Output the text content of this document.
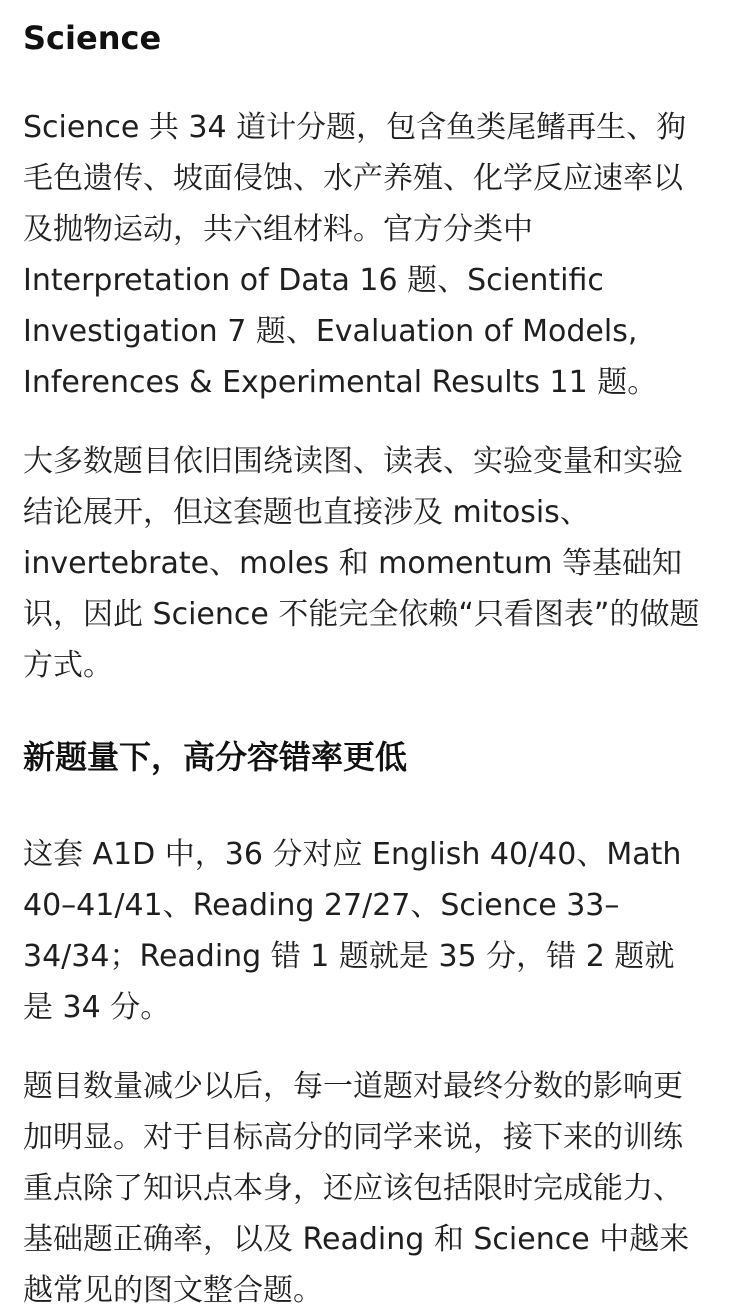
Science

Science 共 34 道计分题，包含鱼类尾鳍再生、狗毛色遗传、坡面侵蚀、水产养殖、化学反应速率以及抛物运动，共六组材料。官方分类中 Interpretation of Data 16 题、Scientific Investigation 7 题、Evaluation of Models, Inferences & Experimental Results 11 题。

大多数题目依旧围绕读图、读表、实验变量和实验结论展开，但这套题也直接涉及 mitosis、invertebrate、moles 和 momentum 等基础知识，因此 Science 不能完全依赖“只看图表”的做题方式。

新题量下，高分容错率更低

这套 A1D 中，36 分对应 English 40/40、Math 40–41/41、Reading 27/27、Science 33–34/34；Reading 错 1 题就是 35 分，错 2 题就是 34 分。

题目数量减少以后，每一道题对最终分数的影响更加明显。对于目标高分的同学来说，接下来的训练重点除了知识点本身，还应该包括限时完成能力、基础题正确率，以及 Reading 和 Science 中越来越常见的图文整合题。
